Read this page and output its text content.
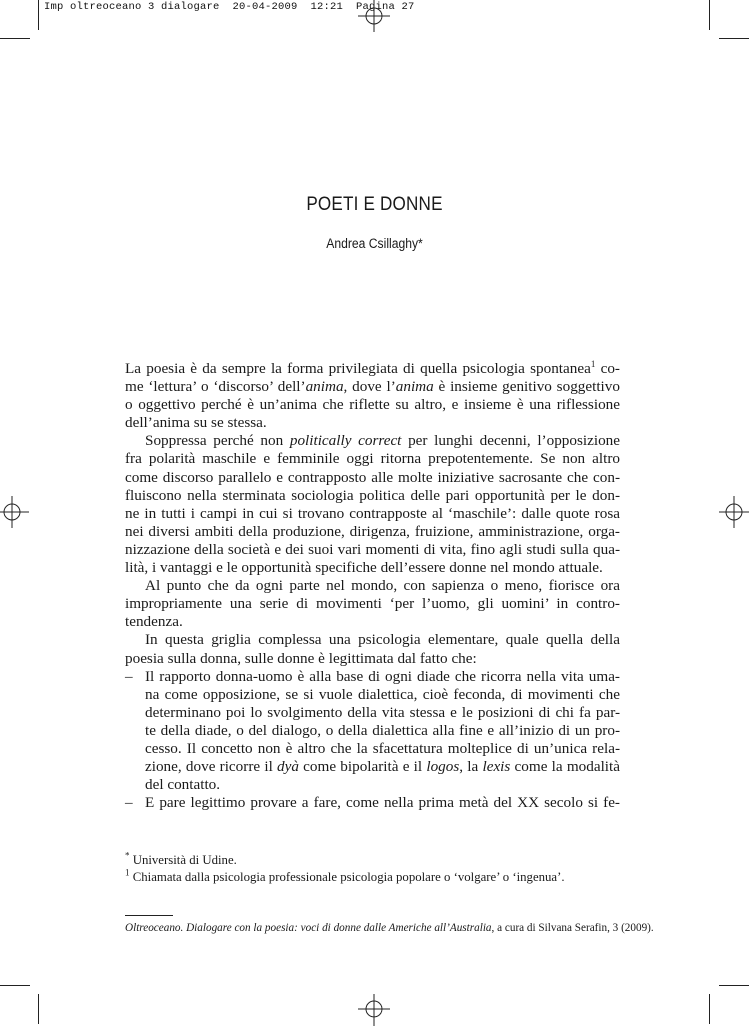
Imp oltreoceano 3 dialogare  20-04-2009  12:21  Pagina 27
POETI E DONNE
Andrea Csillaghy*
La poesia è da sempre la forma privilegiata di quella psicologia spontanea$^1$ co-
me ‘lettura’ o ‘discorso’ dell’anima, dove l’anima è insieme genitivo soggettivo
o oggettivo perché è un’anima che riflette su altro, e insieme è una riflessione
dell’anima su se stessa.
Soppressa perché non politically correct per lunghi decenni, l’opposizione
fra polarità maschile e femminile oggi ritorna prepotentemente. Se non altro
come discorso parallelo e contrapposto alle molte iniziative sacrosante che con-
fluiscono nella sterminata sociologia politica delle pari opportunità per le don-
ne in tutti i campi in cui si trovano contrapposte al ‘maschile’: dalle quote rosa
nei diversi ambiti della produzione, dirigenza, fruizione, amministrazione, orga-
nizzazione della società e dei suoi vari momenti di vita, fino agli studi sulla qua-
lità, i vantaggi e le opportunità specifiche dell’essere donne nel mondo attuale.
Al punto che da ogni parte nel mondo, con sapienza o meno, fiorisce ora
impropriamente una serie di movimenti ‘per l’uomo, gli uomini’ in contro-
tendenza.
In questa griglia complessa una psicologia elementare, quale quella della
poesia sulla donna, sulle donne è legittimata dal fatto che:
– Il rapporto donna-uomo è alla base di ogni diade che ricorra nella vita uma-
na come opposizione, se si vuole dialettica, cioè feconda, di movimenti che
determinano poi lo svolgimento della vita stessa e le posizioni di chi fa par-
te della diade, o del dialogo, o della dialettica alla fine e all’inizio di un pro-
cesso. Il concetto non è altro che la sfacettatura molteplice di un’unica rela-
zione, dove ricorre il dyà come bipolarità e il logos, la lexis come la modalità
del contatto.
– E pare legittimo provare a fare, come nella prima metà del XX secolo si fe-
* Università di Udine.
$^1$ Chiamata dalla psicologia professionale psicologia popolare o ‘volgare’ o ‘ingenua’.
Oltreoceano. Dialogare con la poesia: voci di donne dalle Americhe all’Australia, a cura di Silvana Serafin, 3 (2009).
